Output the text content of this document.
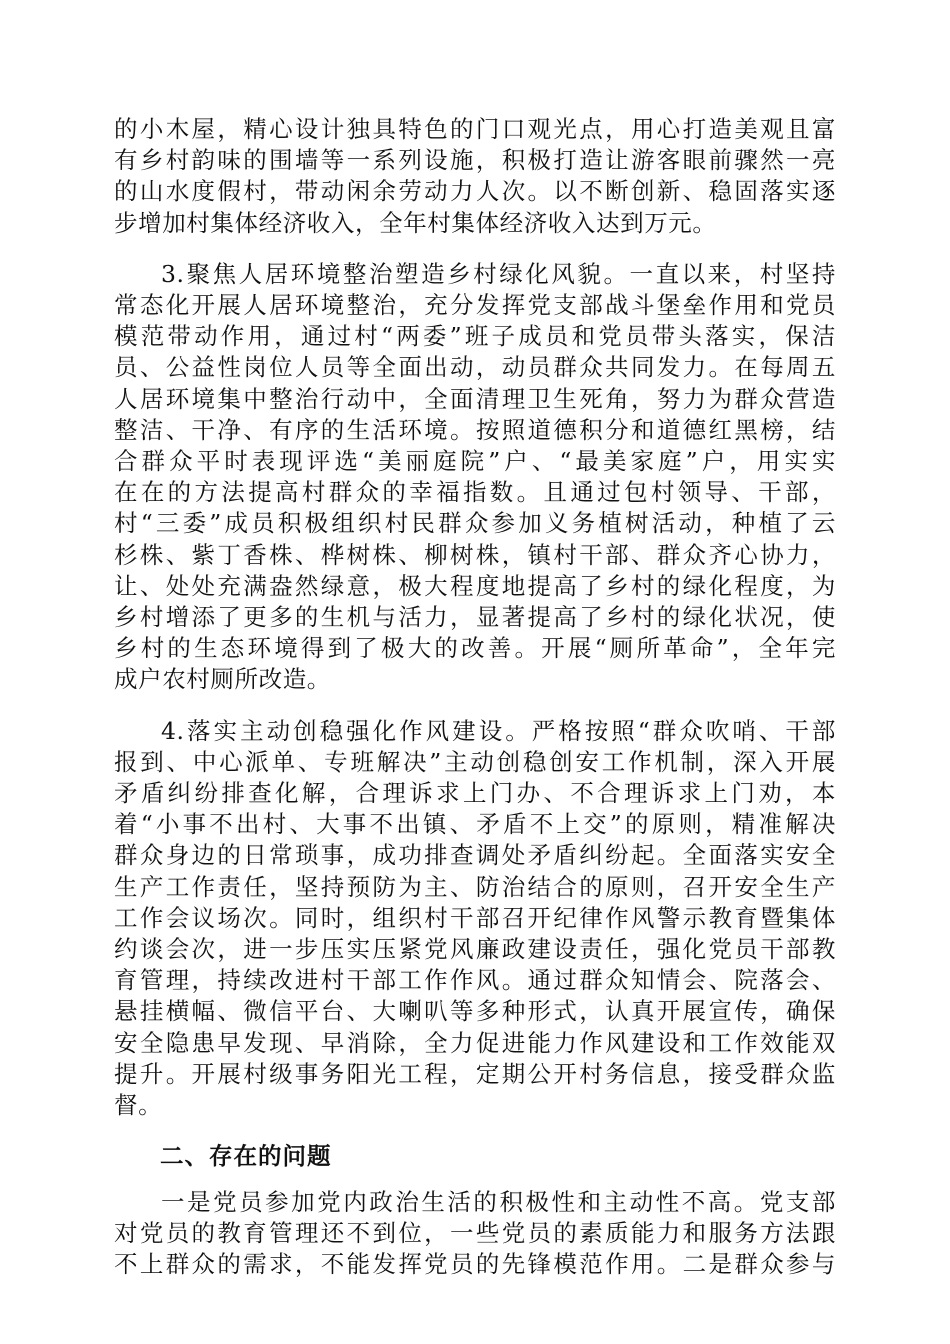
的小木屋，精心设计独具特色的门口观光点，用心打造美观且富
有乡村韵味的围墙等一系列设施，积极打造让游客眼前骤然一亮
的山水度假村，带动闲余劳动力人次。以不断创新、稳固落实逐
步增加村集体经济收入，全年村集体经济收入达到万元。
3.聚焦人居环境整治塑造乡村绿化风貌。一直以来，村坚持
常态化开展人居环境整治，充分发挥党支部战斗堡垒作用和党员
模范带动作用，通过村“两委”班子成员和党员带头落实，保洁
员、公益性岗位人员等全面出动，动员群众共同发力。在每周五
人居环境集中整治行动中，全面清理卫生死角，努力为群众营造
整洁、干净、有序的生活环境。按照道德积分和道德红黑榜，结
合群众平时表现评选“美丽庭院”户、“最美家庭”户，用实实
在在的方法提高村群众的幸福指数。且通过包村领导、干部，
村“三委”成员积极组织村民群众参加义务植树活动，种植了云
杉株、紫丁香株、桦树株、柳树株，镇村干部、群众齐心协力，
让、处处充满盎然绿意，极大程度地提高了乡村的绿化程度，为
乡村增添了更多的生机与活力，显著提高了乡村的绿化状况，使
乡村的生态环境得到了极大的改善。开展“厕所革命”，全年完
成户农村厕所改造。
4.落实主动创稳强化作风建设。严格按照“群众吹哨、干部
报到、中心派单、专班解决”主动创稳创安工作机制，深入开展
矛盾纠纷排查化解，合理诉求上门办、不合理诉求上门劝，本
着“小事不出村、大事不出镇、矛盾不上交”的原则，精准解决
群众身边的日常琐事，成功排查调处矛盾纠纷起。全面落实安全
生产工作责任，坚持预防为主、防治结合的原则，召开安全生产
工作会议场次。同时，组织村干部召开纪律作风警示教育暨集体
约谈会次，进一步压实压紧党风廉政建设责任，强化党员干部教
育管理，持续改进村干部工作作风。通过群众知情会、院落会、
悬挂横幅、微信平台、大喇叭等多种形式，认真开展宣传，确保
安全隐患早发现、早消除，全力促进能力作风建设和工作效能双
提升。开展村级事务阳光工程，定期公开村务信息，接受群众监
督。
二、存在的问题
一是党员参加党内政治生活的积极性和主动性不高。党支部
对党员的教育管理还不到位，一些党员的素质能力和服务方法跟
不上群众的需求，不能发挥党员的先锋模范作用。二是群众参与
